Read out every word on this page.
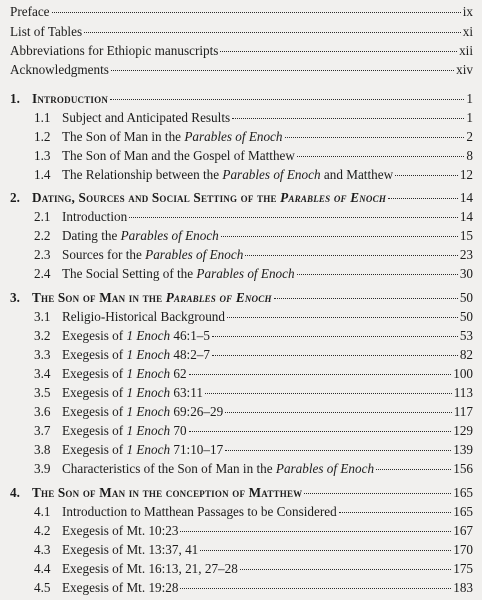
Preface	ix
List of Tables	xi
Abbreviations for Ethiopic manuscripts	xii
Acknowledgments	xiv
1. Introduction	1
1.1 Subject and Anticipated Results	1
1.2 The Son of Man in the Parables of Enoch	2
1.3 The Son of Man and the Gospel of Matthew	8
1.4 The Relationship between the Parables of Enoch and Matthew	12
2. Dating, Sources and Social Setting of the Parables of Enoch	14
2.1 Introduction	14
2.2 Dating the Parables of Enoch	15
2.3 Sources for the Parables of Enoch	23
2.4 The Social Setting of the Parables of Enoch	30
3. The Son of Man in the Parables of Enoch	50
3.1 Religio-Historical Background	50
3.2 Exegesis of 1 Enoch 46:1–5	53
3.3 Exegesis of 1 Enoch 48:2–7	82
3.4 Exegesis of 1 Enoch 62	100
3.5 Exegesis of 1 Enoch 63:11	113
3.6 Exegesis of 1 Enoch 69:26–29	117
3.7 Exegesis of 1 Enoch 70	129
3.8 Exegesis of 1 Enoch 71:10–17	139
3.9 Characteristics of the Son of Man in the Parables of Enoch	156
4. The Son of Man in the conception of Matthew	165
4.1 Introduction to Matthean Passages to be Considered	165
4.2 Exegesis of Mt. 10:23	167
4.3 Exegesis of Mt. 13:37, 41	170
4.4 Exegesis of Mt. 16:13, 21, 27–28	175
4.5 Exegesis of Mt. 19:28	183
